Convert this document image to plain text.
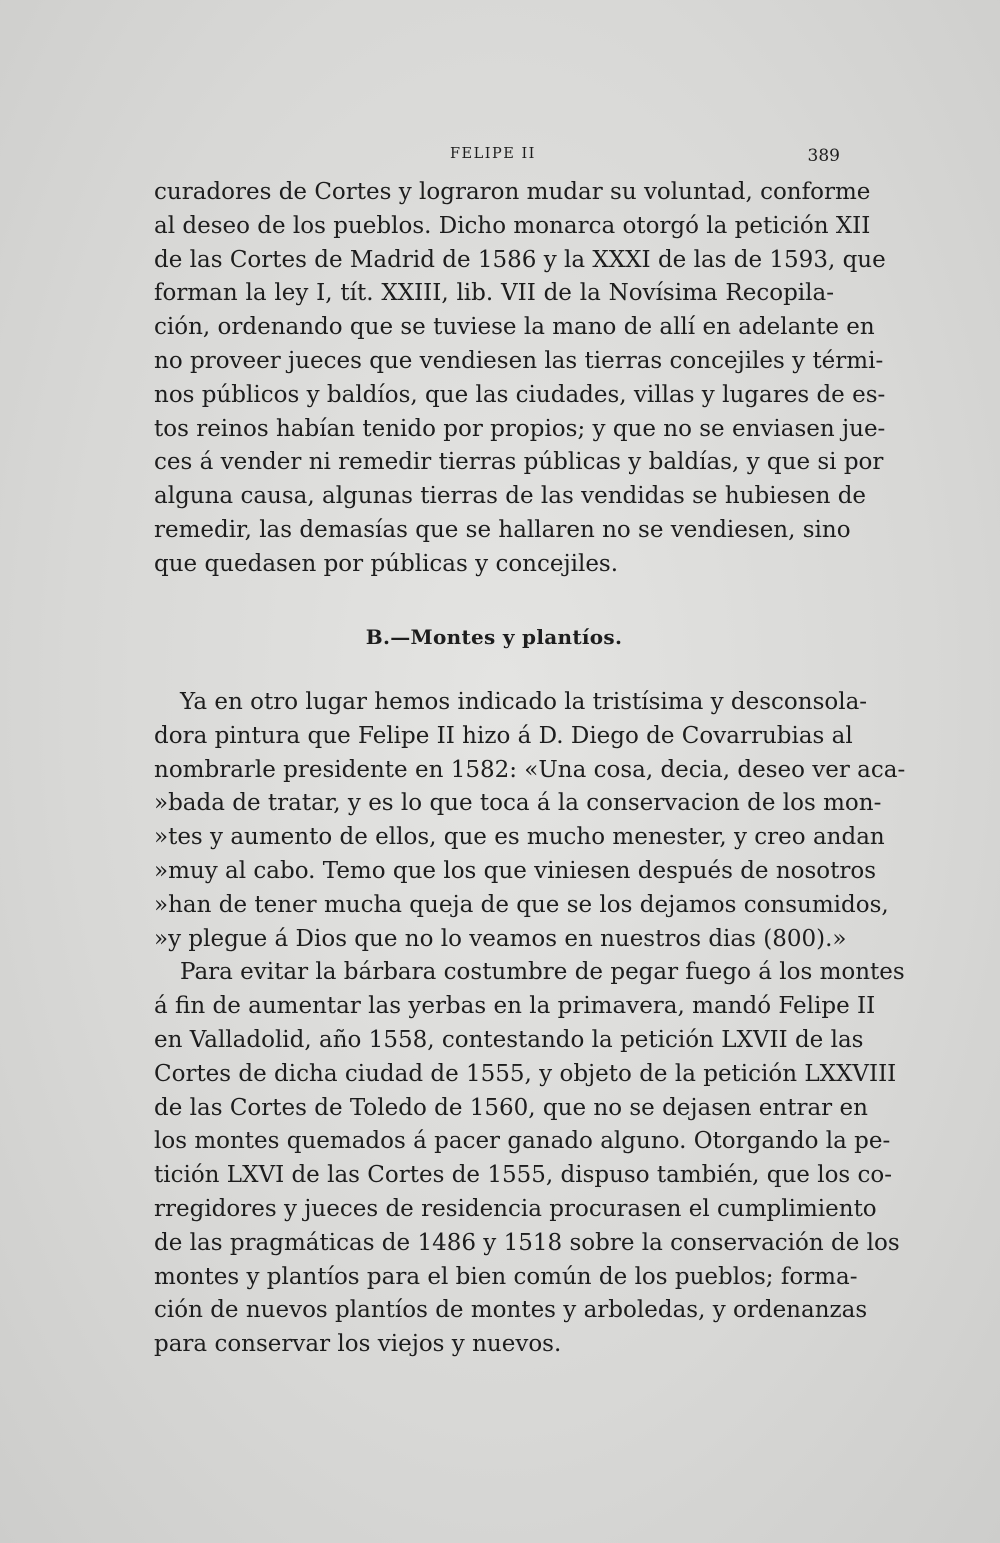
FELIPE II	389
curadores de Cortes y lograron mudar su voluntad, conforme
al deseo de los pueblos. Dicho monarca otorgó la petición XII
de las Cortes de Madrid de 1586 y la XXXI de las de 1593, que
forman la ley I, tít. XXIII, lib. VII de la Novísima Recopila-
ción, ordenando que se tuviese la mano de allí en adelante en
no proveer jueces que vendiesen las tierras concejiles y térmi-
nos públicos y baldíos, que las ciudades, villas y lugares de es-
tos reinos habían tenido por propios; y que no se enviasen jue-
ces á vender ni remedir tierras públicas y baldías, y que si por
alguna causa, algunas tierras de las vendidas se hubiesen de
remedir, las demasías que se hallaren no se vendiesen, sino
que quedasen por públicas y concejiles.
B.—Montes y plantíos.
Ya en otro lugar hemos indicado la tristísima y desconsola-
dora pintura que Felipe II hizo á D. Diego de Covarrubias al
nombrarle presidente en 1582: «Una cosa, decia, deseo ver aca-
»bada de tratar, y es lo que toca á la conservacion de los mon-
»tes y aumento de ellos, que es mucho menester, y creo andan
»muy al cabo. Temo que los que viniesen después de nosotros
»han de tener mucha queja de que se los dejamos consumidos,
»y plegue á Dios que no lo veamos en nuestros dias (800).»
Para evitar la bárbara costumbre de pegar fuego á los montes
á fin de aumentar las yerbas en la primavera, mandó Felipe II
en Valladolid, año 1558, contestando la petición LXVII de las
Cortes de dicha ciudad de 1555, y objeto de la petición LXXVIII
de las Cortes de Toledo de 1560, que no se dejasen entrar en
los montes quemados á pacer ganado alguno. Otorgando la pe-
tición LXVI de las Cortes de 1555, dispuso también, que los co-
rregidores y jueces de residencia procurasen el cumplimiento
de las pragmáticas de 1486 y 1518 sobre la conservación de los
montes y plantíos para el bien común de los pueblos; forma-
ción de nuevos plantíos de montes y arboledas, y ordenanzas
para conservar los viejos y nuevos.
